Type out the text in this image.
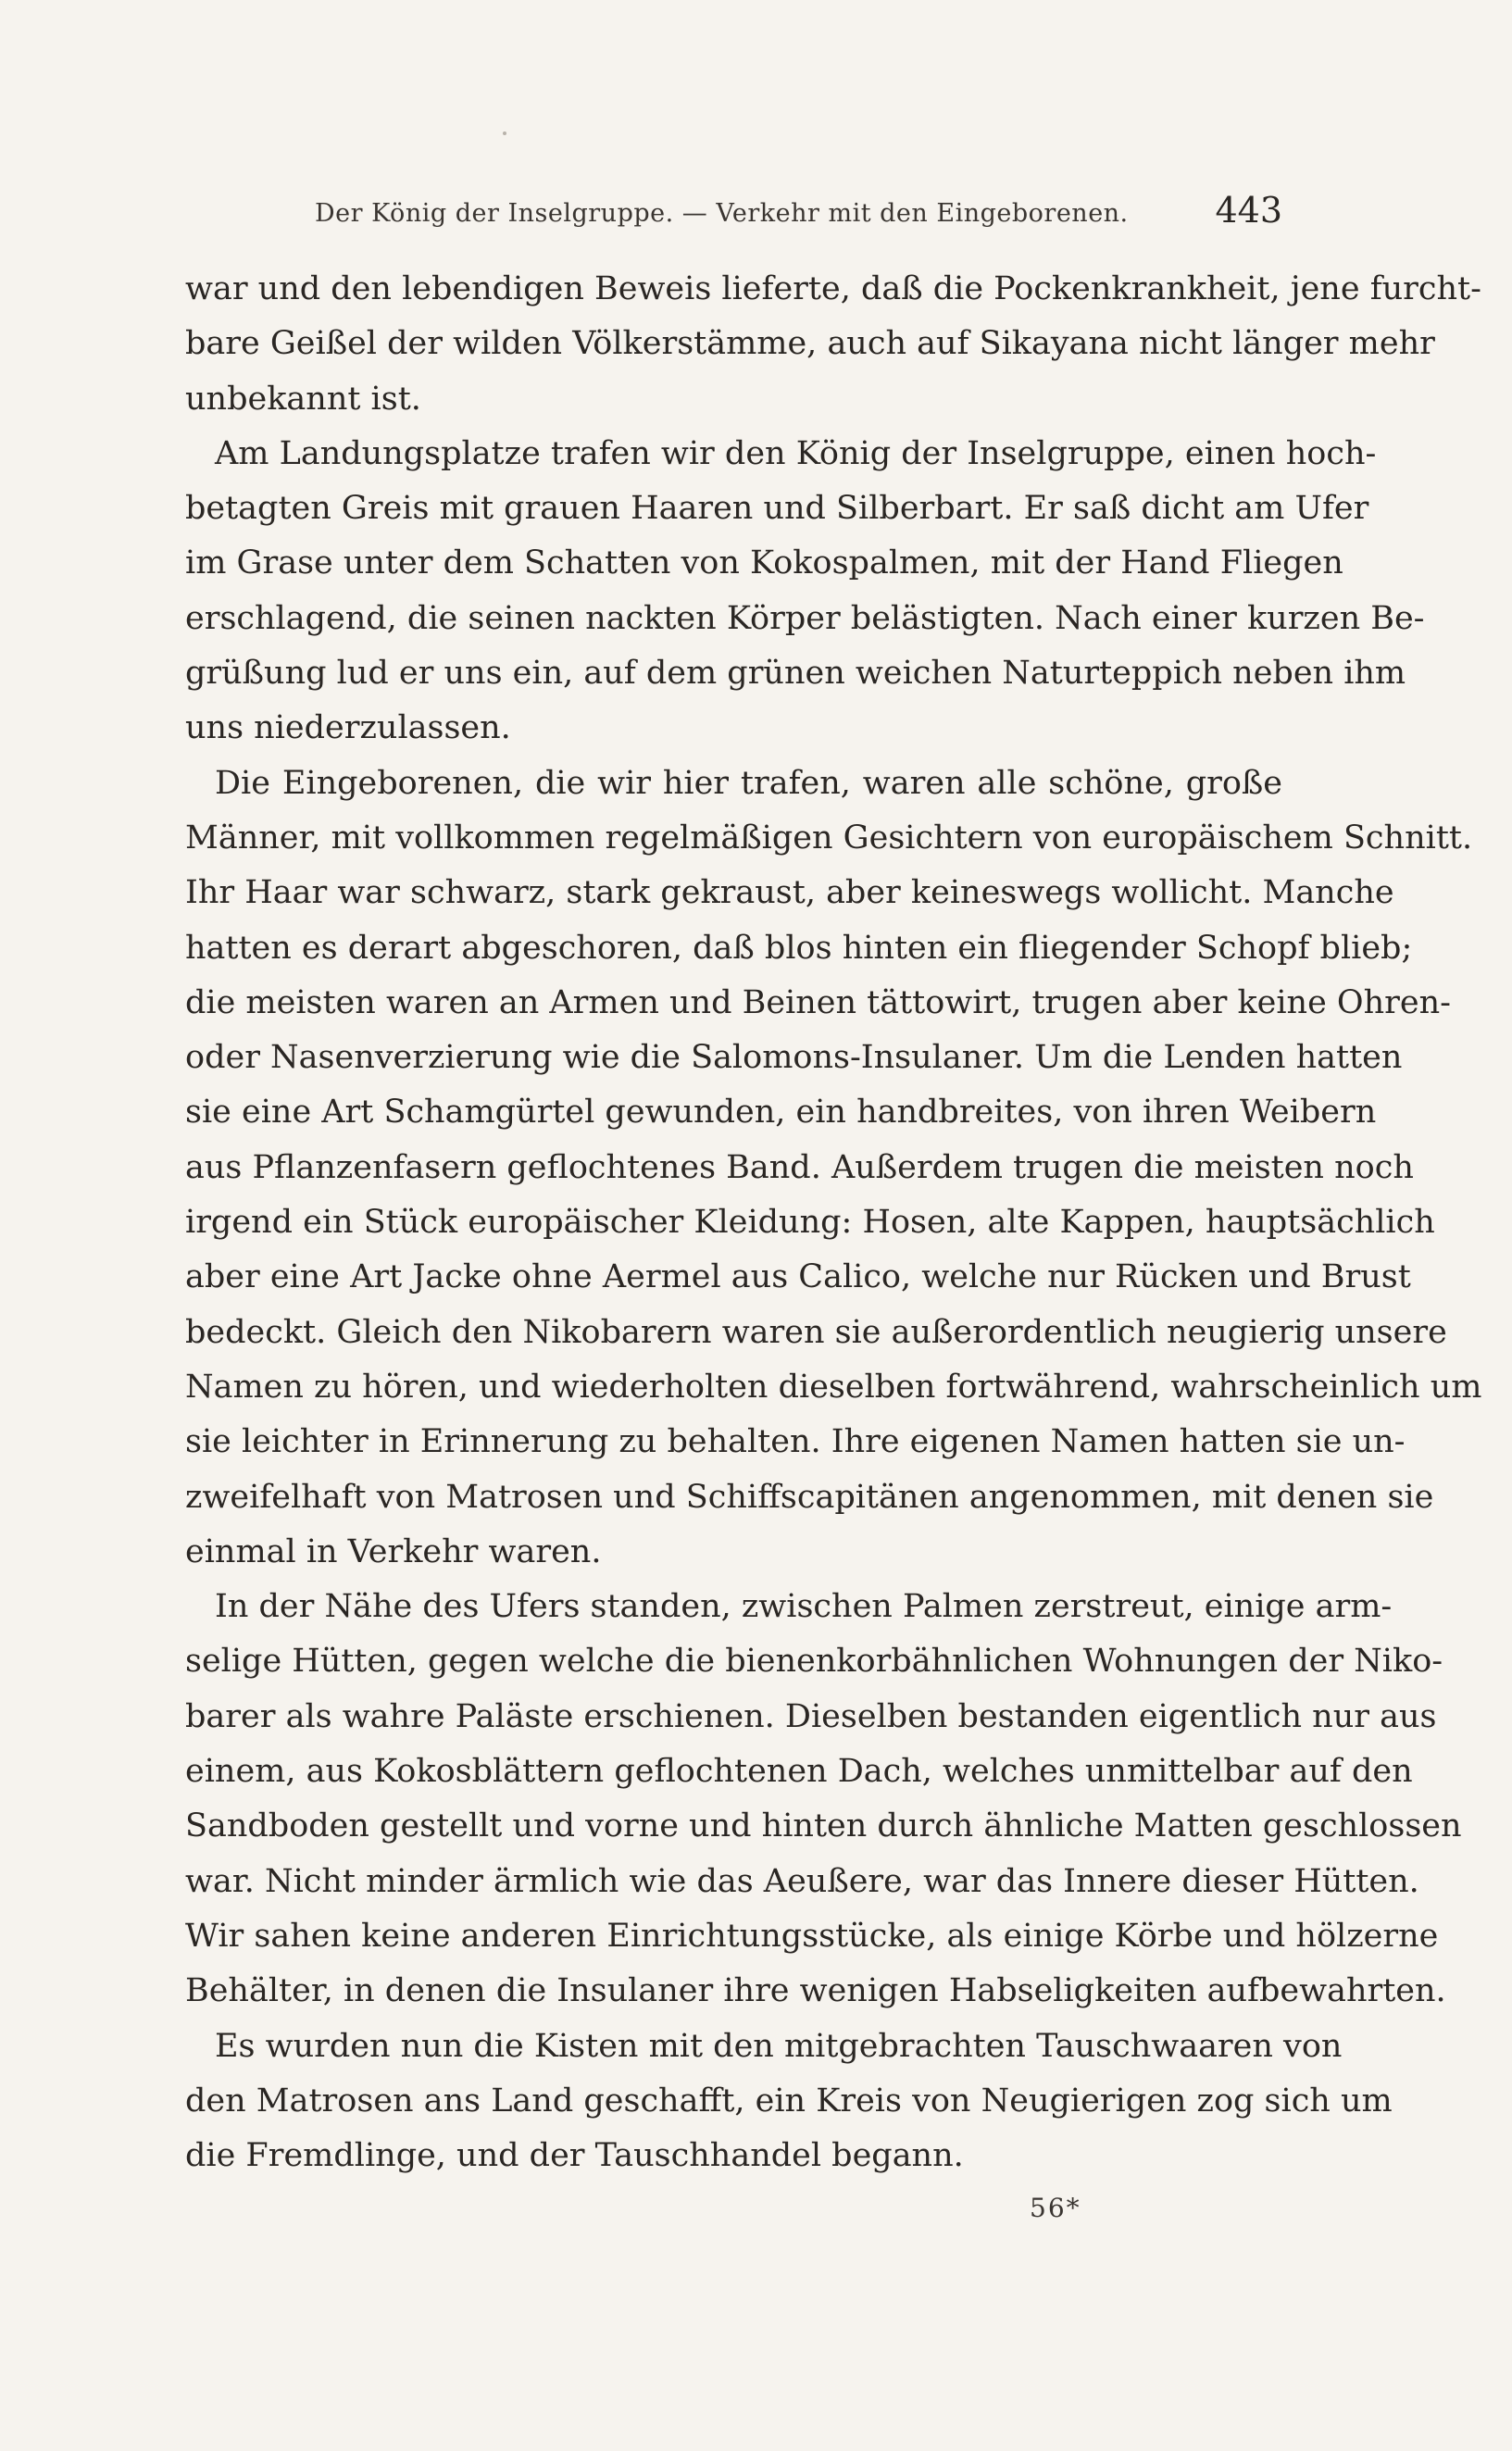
Der König der Inselgruppe. — Verkehr mit den Eingeborenen. 443

war und den lebendigen Beweis lieferte, daß die Pockenkrankheit, jene furcht-
bare Geißel der wilden Völkerstämme, auch auf Sikayana nicht länger mehr
unbekannt ist.

Am Landungsplatze trafen wir den König der Inselgruppe, einen hoch-
betagten Greis mit grauen Haaren und Silberbart. Er saß dicht am Ufer
im Grase unter dem Schatten von Kokospalmen, mit der Hand Fliegen
erschlagend, die seinen nackten Körper belästigten. Nach einer kurzen Be-
grüßung lud er uns ein, auf dem grünen weichen Naturteppich neben ihm
uns niederzulassen.

Die Eingeborenen, die wir hier trafen, waren alle schöne, große
Männer, mit vollkommen regelmäßigen Gesichtern von europäischem Schnitt.
Ihr Haar war schwarz, stark gekraust, aber keineswegs wollicht. Manche
hatten es derart abgeschoren, daß blos hinten ein fliegender Schopf blieb;
die meisten waren an Armen und Beinen tättowirt, trugen aber keine Ohren-
oder Nasenverzierung wie die Salomons-Insulaner. Um die Lenden hatten
sie eine Art Schamgürtel gewunden, ein handbreites, von ihren Weibern
aus Pflanzenfasern geflochtenes Band. Außerdem trugen die meisten noch
irgend ein Stück europäischer Kleidung: Hosen, alte Kappen, hauptsächlich
aber eine Art Jacke ohne Aermel aus Calico, welche nur Rücken und Brust
bedeckt. Gleich den Nikobarern waren sie außerordentlich neugierig unsere
Namen zu hören, und wiederholten dieselben fortwährend, wahrscheinlich um
sie leichter in Erinnerung zu behalten. Ihre eigenen Namen hatten sie un-
zweifelhaft von Matrosen und Schiffscapitänen angenommen, mit denen sie
einmal in Verkehr waren.

In der Nähe des Ufers standen, zwischen Palmen zerstreut, einige arm-
selige Hütten, gegen welche die bienenkorbähnlichen Wohnungen der Niko-
barer als wahre Paläste erschienen. Dieselben bestanden eigentlich nur aus
einem, aus Kokosblättern geflochtenen Dach, welches unmittelbar auf den
Sandboden gestellt und vorne und hinten durch ähnliche Matten geschlossen
war. Nicht minder ärmlich wie das Aeußere, war das Innere dieser Hütten.
Wir sahen keine anderen Einrichtungsstücke, als einige Körbe und hölzerne
Behälter, in denen die Insulaner ihre wenigen Habseligkeiten aufbewahrten.

Es wurden nun die Kisten mit den mitgebrachten Tauschwaaren von
den Matrosen ans Land geschafft, ein Kreis von Neugierigen zog sich um
die Fremdlinge, und der Tauschhandel begann.

56*
